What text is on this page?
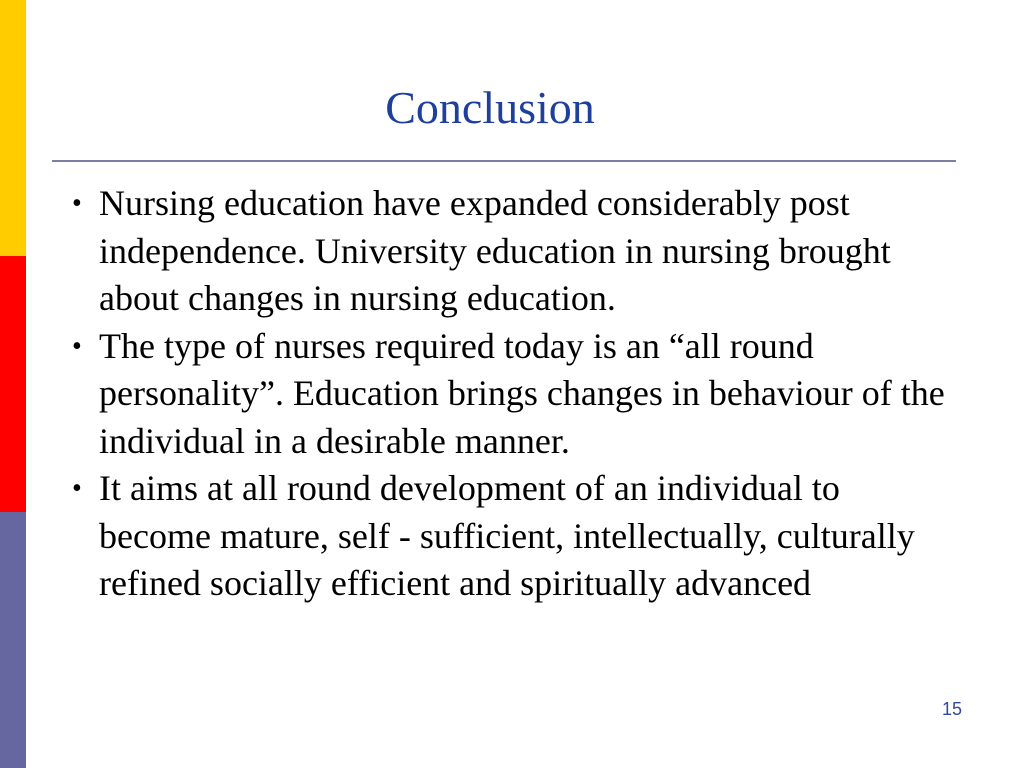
Conclusion
• Nursing education have expanded considerably post independence. University education in nursing brought about changes in nursing education.
• The type of nurses required today is an “all round personality”. Education brings changes in behaviour of the individual in a desirable manner.
• It aims at all round development of an individual to become mature, self - sufficient, intellectually, culturally refined socially efficient and spiritually advanced
15
